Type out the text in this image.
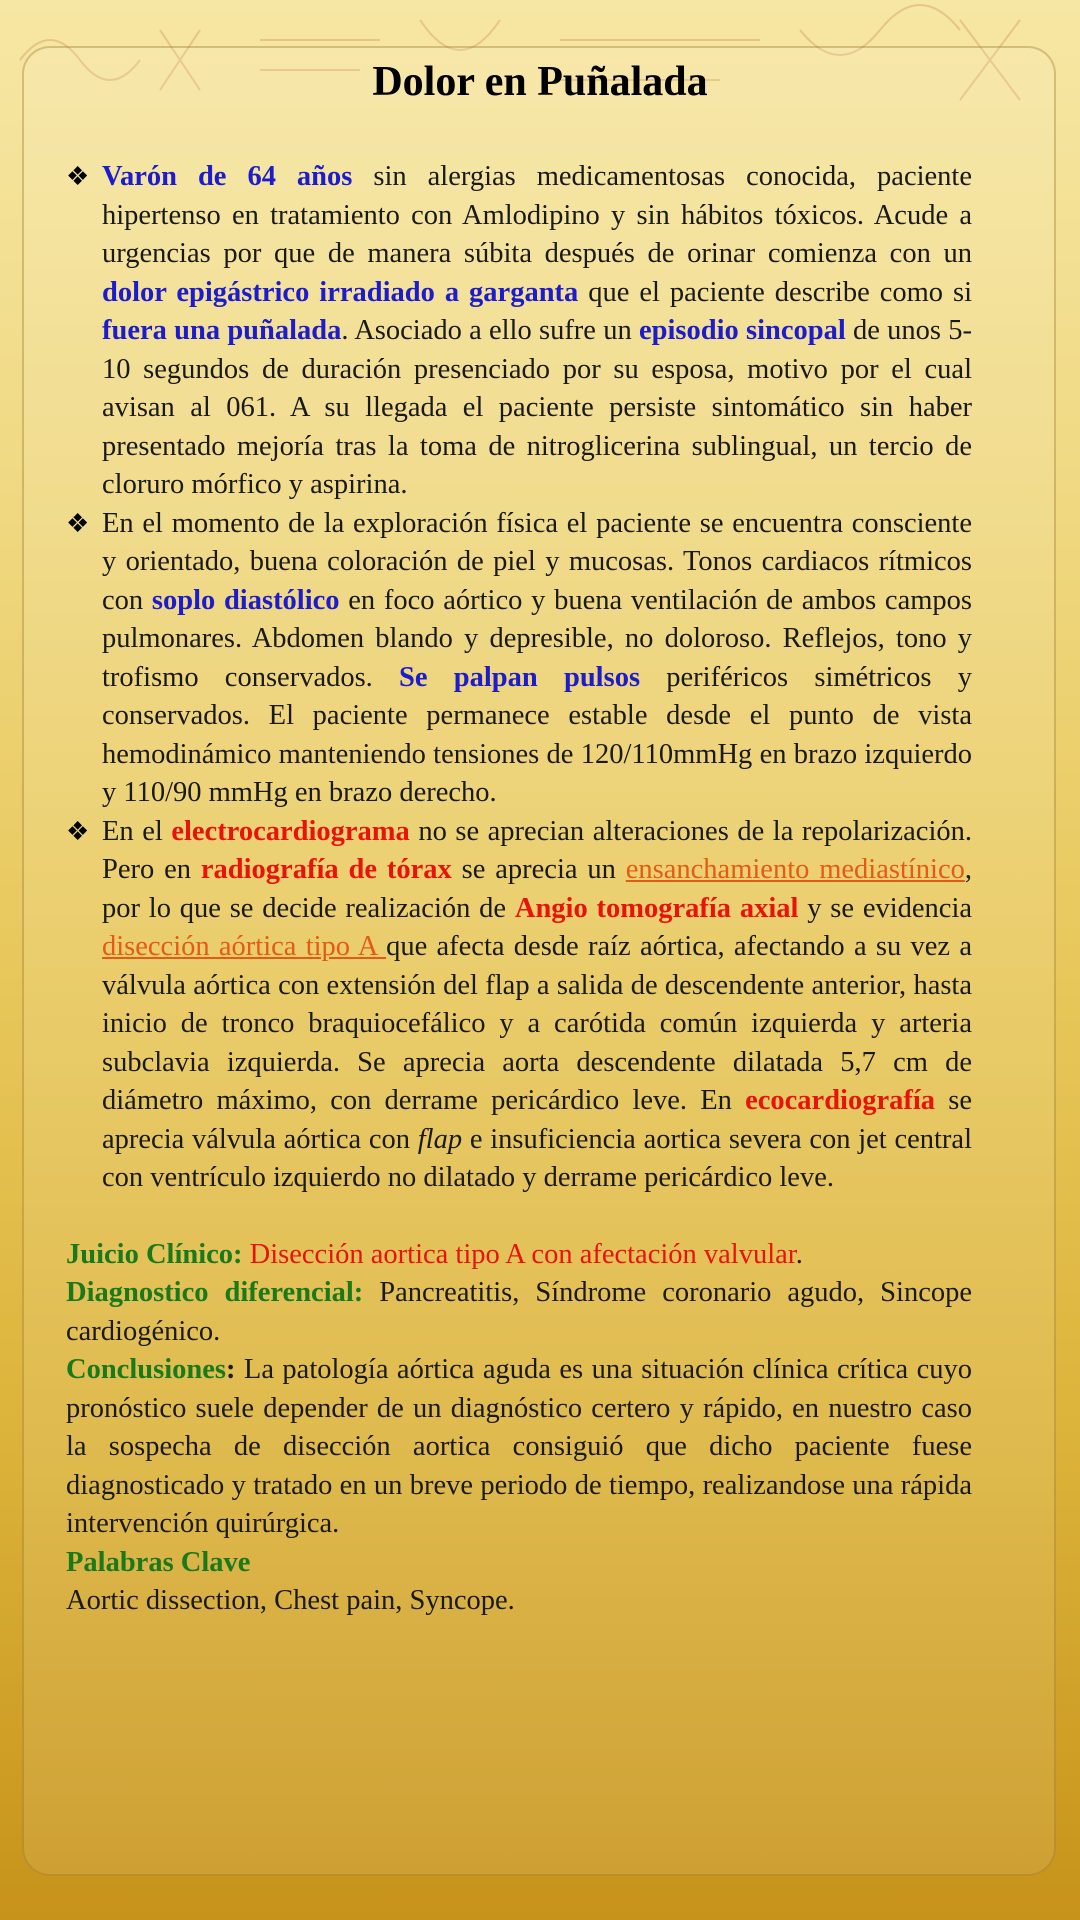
Dolor en Puñalada

❖ Varón de 64 años sin alergias medicamentosas conocida, paciente hipertenso en tratamiento con Amlodipino y sin hábitos tóxicos. Acude a urgencias por que de manera súbita después de orinar comienza con un dolor epigástrico irradiado a garganta que el paciente describe como si fuera una puñalada. Asociado a ello sufre un episodio sincopal de unos 5-10 segundos de duración presenciado por su esposa, motivo por el cual avisan al 061. A su llegada el paciente persiste sintomático sin haber presentado mejoría tras la toma de nitroglicerina sublingual, un tercio de cloruro mórfico y aspirina.

❖ En el momento de la exploración física el paciente se encuentra consciente y orientado, buena coloración de piel y mucosas. Tonos cardiacos rítmicos con soplo diastólico en foco aórtico y buena ventilación de ambos campos pulmonares. Abdomen blando y depresible, no doloroso. Reflejos, tono y trofismo conservados. Se palpan pulsos periféricos simétricos y conservados. El paciente permanece estable desde el punto de vista hemodinámico manteniendo tensiones de 120/110mmHg en brazo izquierdo y 110/90 mmHg en brazo derecho.

❖ En el electrocardiograma no se aprecian alteraciones de la repolarización. Pero en radiografía de tórax se aprecia un ensanchamiento mediastínico, por lo que se decide realización de Angio tomografía axial y se evidencia disección aórtica tipo A que afecta desde raíz aórtica, afectando a su vez a válvula aórtica con extensión del flap a salida de descendente anterior, hasta inicio de tronco braquiocefálico y a carótida común izquierda y arteria subclavia izquierda. Se aprecia aorta descendente dilatada 5,7 cm de diámetro máximo, con derrame pericárdico leve. En ecocardiografía se aprecia válvula aórtica con flap e insuficiencia aortica severa con jet central con ventrículo izquierdo no dilatado y derrame pericárdico leve.

Juicio Clínico: Disección aortica tipo A con afectación valvular.

Diagnostico diferencial: Pancreatitis, Síndrome coronario agudo, Sincope cardiogénico.

Conclusiones: La patología aórtica aguda es una situación clínica crítica cuyo pronóstico suele depender de un diagnóstico certero y rápido, en nuestro caso la sospecha de disección aortica consiguió que dicho paciente fuese diagnosticado y tratado en un breve periodo de tiempo, realizandose una rápida intervención quirúrgica.

Palabras Clave

Aortic dissection, Chest pain, Syncope.
